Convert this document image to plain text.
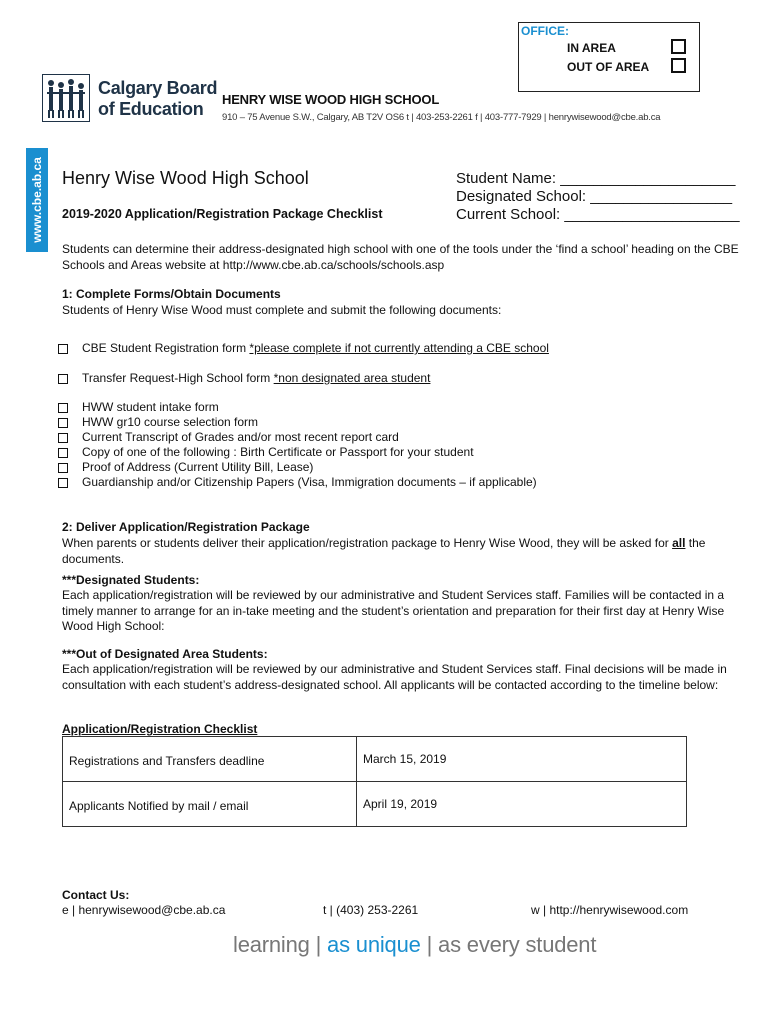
OFFICE:
IN AREA
OUT OF AREA
Calgary Board
of Education	HENRY WISE WOOD HIGH SCHOOL
910 – 75 Avenue S.W., Calgary, AB T2V OS6 t | 403-253-2261 f | 403-777-7929 | henrywisewood@cbe.ab.ca
www.cbe.ab.ca Henry Wise Wood High School
2019-2020 Application/Registration Package Checklist
Student Name: _____________________
Designated School: _________________
Current School: _____________________
Students can determine their address-designated high school with one of the tools under the ‘find a school’ heading on the CBE Schools and Areas website at http://www.cbe.ab.ca/schools/schools.asp
1: Complete Forms/Obtain Documents
Students of Henry Wise Wood must complete and submit the following documents:
CBE Student Registration form *please complete if not currently attending a CBE school
Transfer Request-High School form *non designated area student
HWW student intake form
HWW gr10 course selection form
Current Transcript of Grades and/or most recent report card
Copy of one of the following : Birth Certificate or Passport for your student
Proof of Address (Current Utility Bill, Lease)
Guardianship and/or Citizenship Papers (Visa, Immigration documents – if applicable)
2: Deliver Application/Registration Package
When parents or students deliver their application/registration package to Henry Wise Wood, they will be asked for all the documents.
***Designated Students:
Each application/registration will be reviewed by our administrative and Student Services staff. Families will be contacted in a timely manner to arrange for an in-take meeting and the student’s orientation and preparation for their first day at Henry Wise Wood High School:
***Out of Designated Area Students:
Each application/registration will be reviewed by our administrative and Student Services staff. Final decisions will be made in consultation with each student’s address-designated school. All applicants will be contacted according to the timeline below:
Application/Registration Checklist
Registrations and Transfers deadline	March 15, 2019

Applicants Notified by mail / email	April 19, 2019
Contact Us:
e | henrywisewood@cbe.ab.ca	t | (403) 253-2261	w | http://henrywisewood.com
learning | as unique | as every student
